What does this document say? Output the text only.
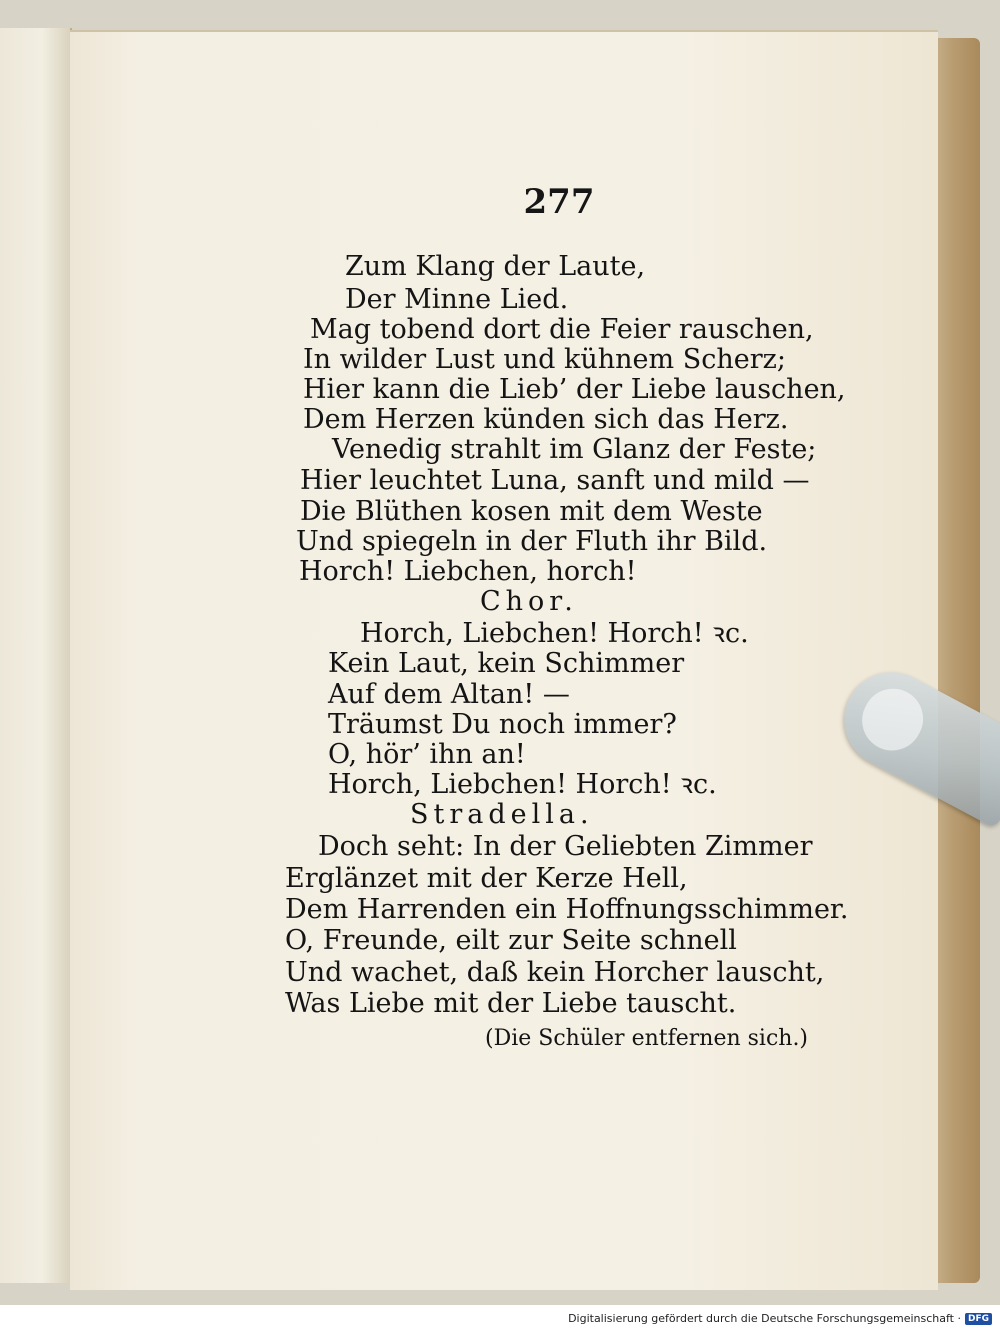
277
Zum Klang der Laute,
Der Minne Lied.
Mag tobend dort die Feier rauschen,
In wilder Lust und kühnem Scherz;
Hier kann die Lieb’ der Liebe lauschen,
Dem Herzen künden sich das Herz.
Venedig strahlt im Glanz der Feste;
Hier leuchtet Luna, sanft und mild —
Die Blüthen kosen mit dem Weste
Und spiegeln in der Fluth ihr Bild.
Horch! Liebchen, horch!
Chor.
Horch, Liebchen! Horch! ꝛc.
Kein Laut, kein Schimmer
Auf dem Altan! —
Träumst Du noch immer?
O, hör’ ihn an!
Horch, Liebchen! Horch! ꝛc.
Stradella.
Doch seht: In der Geliebten Zimmer
Erglänzet mit der Kerze Hell,
Dem Harrenden ein Hoffnungsschimmer.
O, Freunde, eilt zur Seite schnell
Und wachet, daß kein Horcher lauscht,
Was Liebe mit der Liebe tauscht.
(Die Schüler entfernen sich.)
Digitalisierung gefördert durch die Deutsche Forschungsgemeinschaft · DFG
